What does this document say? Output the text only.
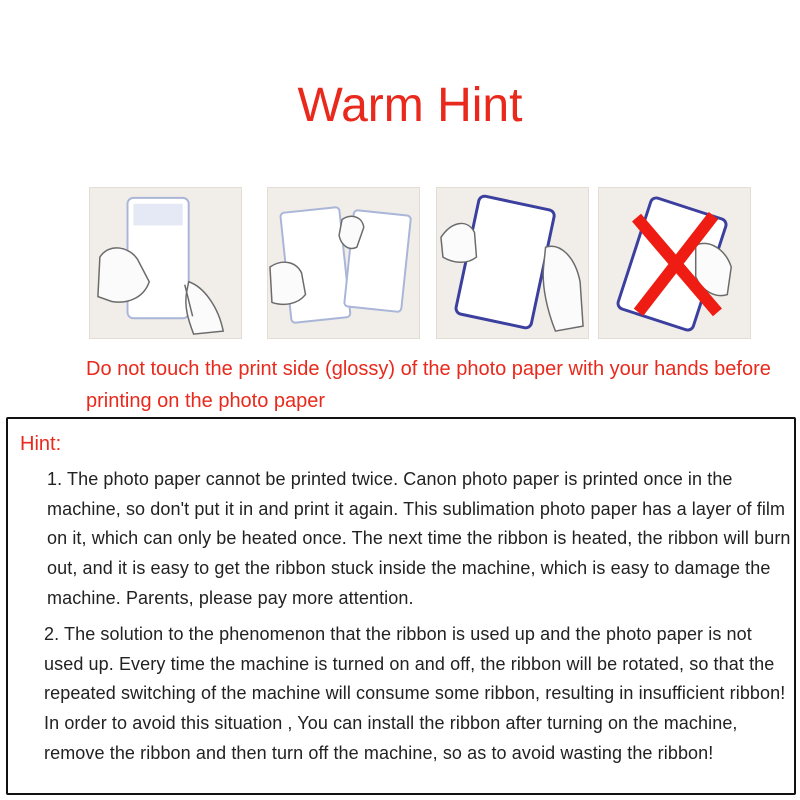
Warm Hint
Do not touch the print side (glossy) of the photo paper with your hands before printing on the photo paper
Hint:
1. The photo paper cannot be printed twice. Canon photo paper is printed once in the machine, so don't put it in and print it again. This sublimation photo paper has a layer of film on it, which can only be heated once. The next time the ribbon is heated, the ribbon will burn out, and it is easy to get the ribbon stuck inside the machine, which is easy to damage the machine. Parents, please pay more attention.
2. The solution to the phenomenon that the ribbon is used up and the photo paper is not used up. Every time the machine is turned on and off, the ribbon will be rotated, so that the repeated switching of the machine will consume some ribbon, resulting in insufficient ribbon! In order to avoid this situation , You can install the ribbon after turning on the machine, remove the ribbon and then turn off the machine, so as to avoid wasting the ribbon!
